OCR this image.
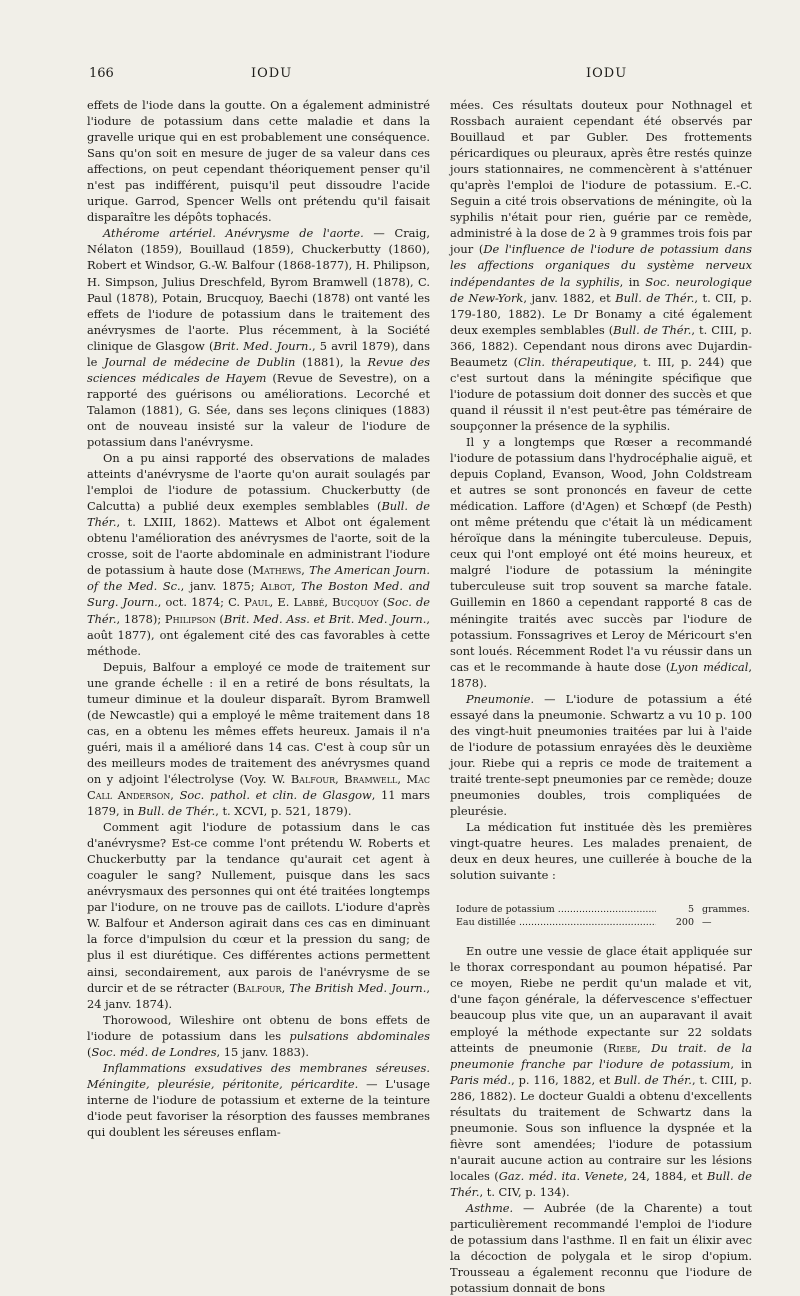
166	IODU	IODU

effets de l'iode dans la goutte. On a également administré l'iodure de potassium dans cette maladie et dans la gravelle urique qui en est probablement une conséquence. Sans qu'on soit en mesure de juger de sa valeur dans ces affections, on peut cependant théoriquement penser qu'il n'est pas indifférent, puisqu'il peut dissoudre l'acide urique. Garrod, Spencer Wells ont prétendu qu'il faisait disparaître les dépôts tophacés.

Athérome artériel. Anévrysme de l'aorte. — Craig, Nélaton (1859), Bouillaud (1859), Chuckerbutty (1860), Robert et Windsor, G.-W. Balfour (1868-1877), H. Philipson, H. Simpson, Julius Dreschfeld, Byrom Bramwell (1878), C. Paul (1878), Potain, Brucquoy, Baechi (1878) ont vanté les effets de l'iodure de potassium dans le traitement des anévrysmes de l'aorte. Plus récemment, à la Société clinique de Glasgow (Brit. Med. Journ., 5 avril 1879), dans le Journal de médecine de Dublin (1881), la Revue des sciences médicales de Hayem (Revue de Sevestre), on a rapporté des guérisons ou améliorations. Lecorché et Talamon (1881), G. Sée, dans ses leçons cliniques (1883) ont de nouveau insisté sur la valeur de l'iodure de potassium dans l'anévrysme.

On a pu ainsi rapporté des observations de malades atteints d'anévrysme de l'aorte qu'on aurait soulagés par l'emploi de l'iodure de potassium. Chuckerbutty (de Calcutta) a publié deux exemples semblables (Bull. de Thér., t. LXIII, 1862). Mattews et Albot ont également obtenu l'amélioration des anévrysmes de l'aorte, soit de la crosse, soit de l'aorte abdominale en administrant l'iodure de potassium à haute dose (Mathews, The American Journ. of the Med. Sc., janv. 1875; Albot, The Boston Med. and Surg. Journ., oct. 1874; C. Paul, E. Labbé, Bucquoy (Soc. de Thér., 1878); Philipson (Brit. Med. Ass. et Brit. Med. Journ., août 1877), ont également cité des cas favorables à cette méthode.

Depuis, Balfour a employé ce mode de traitement sur une grande échelle : il en a retiré de bons résultats, la tumeur diminue et la douleur disparaît. Byrom Bramwell (de Newcastle) qui a employé le même traitement dans 18 cas, en a obtenu les mêmes effets heureux. Jamais il n'a guéri, mais il a amélioré dans 14 cas. C'est à coup sûr un des meilleurs modes de traitement des anévrysmes quand on y adjoint l'électrolyse (Voy. W. Balfour, Bramwell, Mac Call Anderson, Soc. pathol. et clin. de Glasgow, 11 mars 1879, in Bull. de Thér., t. XCVI, p. 521, 1879).

Comment agit l'iodure de potassium dans le cas d'anévrysme? Est-ce comme l'ont prétendu W. Roberts et Chuckerbutty par la tendance qu'aurait cet agent à coaguler le sang? Nullement, puisque dans les sacs anévrysmaux des personnes qui ont été traitées longtemps par l'iodure, on ne trouve pas de caillots. L'iodure d'après W. Balfour et Anderson agirait dans ces cas en diminuant la force d'impulsion du cœur et la pression du sang; de plus il est diurétique. Ces différentes actions permettent ainsi, secondairement, aux parois de l'anévrysme de se durcir et de se rétracter (Balfour, The British Med. Journ., 24 janv. 1874).

Thorowood, Wileshire ont obtenu de bons effets de l'iodure de potassium dans les pulsations abdominales (Soc. méd. de Londres, 15 janv. 1883).

Inflammations exsudatives des membranes séreuses. Méningite, pleurésie, péritonite, péricardite. — L'usage interne de l'iodure de potassium et externe de la teinture d'iode peut favoriser la résorption des fausses membranes qui doublent les séreuses enflam-

mées. Ces résultats douteux pour Nothnagel et Rossbach auraient cependant été observés par Bouillaud et par Gubler. Des frottements péricardiques ou pleuraux, après être restés quinze jours stationnaires, ne commencèrent à s'atténuer qu'après l'emploi de l'iodure de potassium. E.-C. Seguin a cité trois observations de méningite, où la syphilis n'était pour rien, guérie par ce remède, administré à la dose de 2 à 9 grammes trois fois par jour (De l'influence de l'iodure de potassium dans les affections organiques du système nerveux indépendantes de la syphilis, in Soc. neurologique de New-York, janv. 1882, et Bull. de Thér., t. CII, p. 179-180, 1882). Le Dr Bonamy a cité également deux exemples semblables (Bull. de Thér., t. CIII, p. 366, 1882). Cependant nous dirons avec Dujardin-Beaumetz (Clin. thérapeutique, t. III, p. 244) que c'est surtout dans la méningite spécifique que l'iodure de potassium doit donner des succès et que quand il réussit il n'est peut-être pas téméraire de soupçonner la présence de la syphilis.

Il y a longtemps que Rœser a recommandé l'iodure de potassium dans l'hydrocéphalie aiguë, et depuis Copland, Evanson, Wood, John Coldstream et autres se sont prononcés en faveur de cette médication. Laffore (d'Agen) et Schœpf (de Pesth) ont même prétendu que c'était là un médicament héroïque dans la méningite tuberculeuse. Depuis, ceux qui l'ont employé ont été moins heureux, et malgré l'iodure de potassium la méningite tuberculeuse suit trop souvent sa marche fatale. Guillemin en 1860 a cependant rapporté 8 cas de méningite traités avec succès par l'iodure de potassium. Fonssagrives et Leroy de Méricourt s'en sont loués. Récemment Rodet l'a vu réussir dans un cas et le recommande à haute dose (Lyon médical, 1878).

Pneumonie. — L'iodure de potassium a été essayé dans la pneumonie. Schwartz a vu 10 p. 100 des vingt-huit pneumonies traitées par lui à l'aide de l'iodure de potassium enrayées dès le deuxième jour. Riebe qui a repris ce mode de traitement a traité trente-sept pneumonies par ce remède; douze pneumonies doubles, trois compliquées de pleurésie.

La médication fut instituée dès les premières vingt-quatre heures. Les malades prenaient, de deux en deux heures, une cuillerée à bouche de la solution suivante :

Iodure de potassium .....	5 grammes.
Eau distillée .....	200 —

En outre une vessie de glace était appliquée sur le thorax correspondant au poumon hépatisé. Par ce moyen, Riebe ne perdit qu'un malade et vit, d'une façon générale, la défervescence s'effectuer beaucoup plus vite que, un an auparavant il avait employé la méthode expectante sur 22 soldats atteints de pneumonie (Riebe, Du trait. de la pneumonie franche par l'iodure de potassium, in Paris méd., p. 116, 1882, et Bull. de Thér., t. CIII, p. 286, 1882). Le docteur Gualdi a obtenu d'excellents résultats du traitement de Schwartz dans la pneumonie. Sous son influence la dyspnée et la fièvre sont amendées; l'iodure de potassium n'aurait aucune action au contraire sur les lésions locales (Gaz. méd. ita. Venete, 24, 1884, et Bull. de Thér., t. CIV, p. 134).

Asthme. — Aubrée (de la Charente) a tout particulièrement recommandé l'emploi de l'iodure de potassium dans l'asthme. Il en fait un élixir avec la décoction de polygala et le sirop d'opium. Trousseau a également reconnu que l'iodure de potassium donnait de bons
